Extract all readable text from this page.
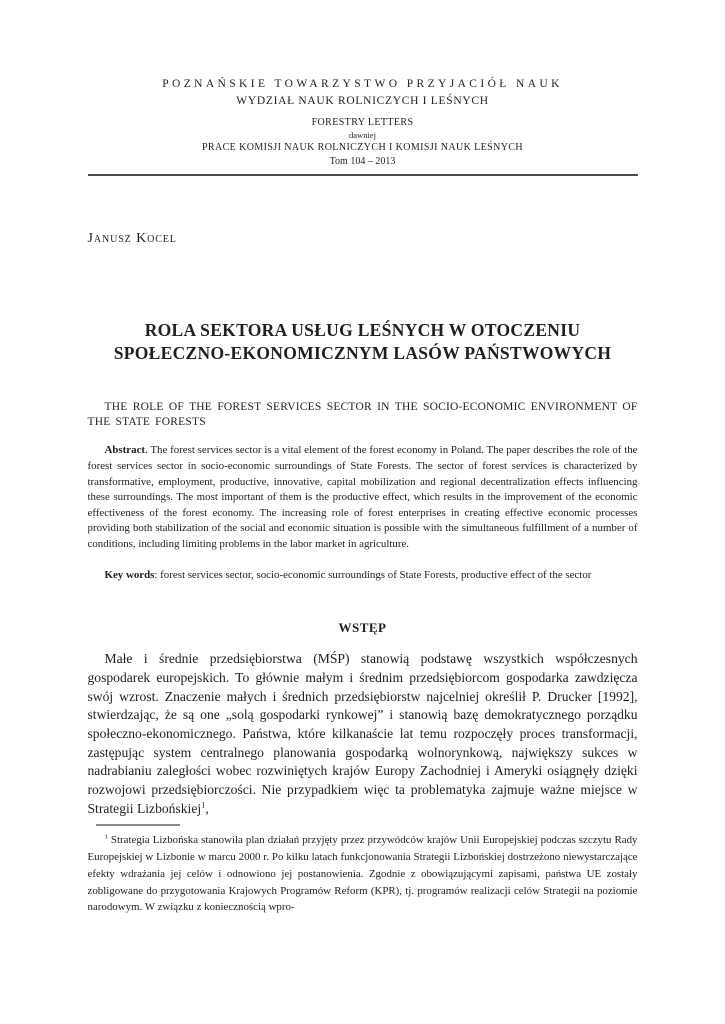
POZNAŃSKIE TOWARZYSTWO PRZYJACIÓŁ NAUK
WYDZIAŁ NAUK ROLNICZYCH I LEŚNYCH
FORESTRY LETTERS
dawniej
PRACE KOMISJI NAUK ROLNICZYCH I KOMISJI NAUK LEŚNYCH
Tom 104 – 2013
Janusz Kocel
ROLA SEKTORA USŁUG LEŚNYCH W OTOCZENIU
SPOŁECZNO-EKONOMICZNYM LASÓW PAŃSTWOWYCH

THE ROLE OF THE FOREST SERVICES SECTOR IN THE SOCIO-ECONOMIC ENVIRONMENT OF THE STATE FORESTS

Abstract. The forest services sector is a vital element of the forest economy in Poland. The paper describes the role of the forest services sector in socio-economic surroundings of State Forests. The sector of forest services is characterized by transformative, employment, productive, innovative, capital mobilization and regional decentralization effects influencing these surroundings. The most important of them is the productive effect, which results in the improvement of the economic effectiveness of the forest economy. The increasing role of forest enterprises in creating effective economic processes providing both stabilization of the social and economic situation is possible with the simultaneous fulfillment of a number of conditions, including limiting problems in the labor market in agriculture.

Key words: forest services sector, socio-economic surroundings of State Forests, productive effect of the sector

WSTĘP

Małe i średnie przedsiębiorstwa (MŚP) stanowią podstawę wszystkich współczesnych gospodarek europejskich. To głównie małym i średnim przedsiębiorcom gospodarka zawdzięcza swój wzrost. Znaczenie małych i średnich przedsiębiorstw najcelniej określił P. Drucker [1992], stwierdzając, że są one „solą gospodarki rynkowej” i stanowią bazę demokratycznego porządku społeczno-ekonomicznego. Państwa, które kilkanaście lat temu rozpoczęły proces transformacji, zastępując system centralnego planowania gospodarką wolnorynkową, największy sukces w nadrabianiu zaległości wobec rozwiniętych krajów Europy Zachodniej i Ameryki osiągnęły dzięki rozwojowi przedsiębiorczości. Nie przypadkiem więc ta problematyka zajmuje ważne miejsce w Strategii Lizbońskiej$^1$,

$^1$ Strategia Lizbońska stanowiła plan działań przyjęty przez przywódców krajów Unii Europejskiej podczas szczytu Rady Europejskiej w Lizbonie w marcu 2000 r. Po kilku latach funkcjonowania Strategii Lizbońskiej dostrzeżono niewystarczające efekty wdrażania jej celów i odnowiono jej postanowienia. Zgodnie z obowiązującymi zapisami, państwa UE zostały zobligowane do przygotowania Krajowych Programów Reform (KPR), tj. programów realizacji celów Strategii na poziomie narodowym. W związku z koniecznością wpro-
